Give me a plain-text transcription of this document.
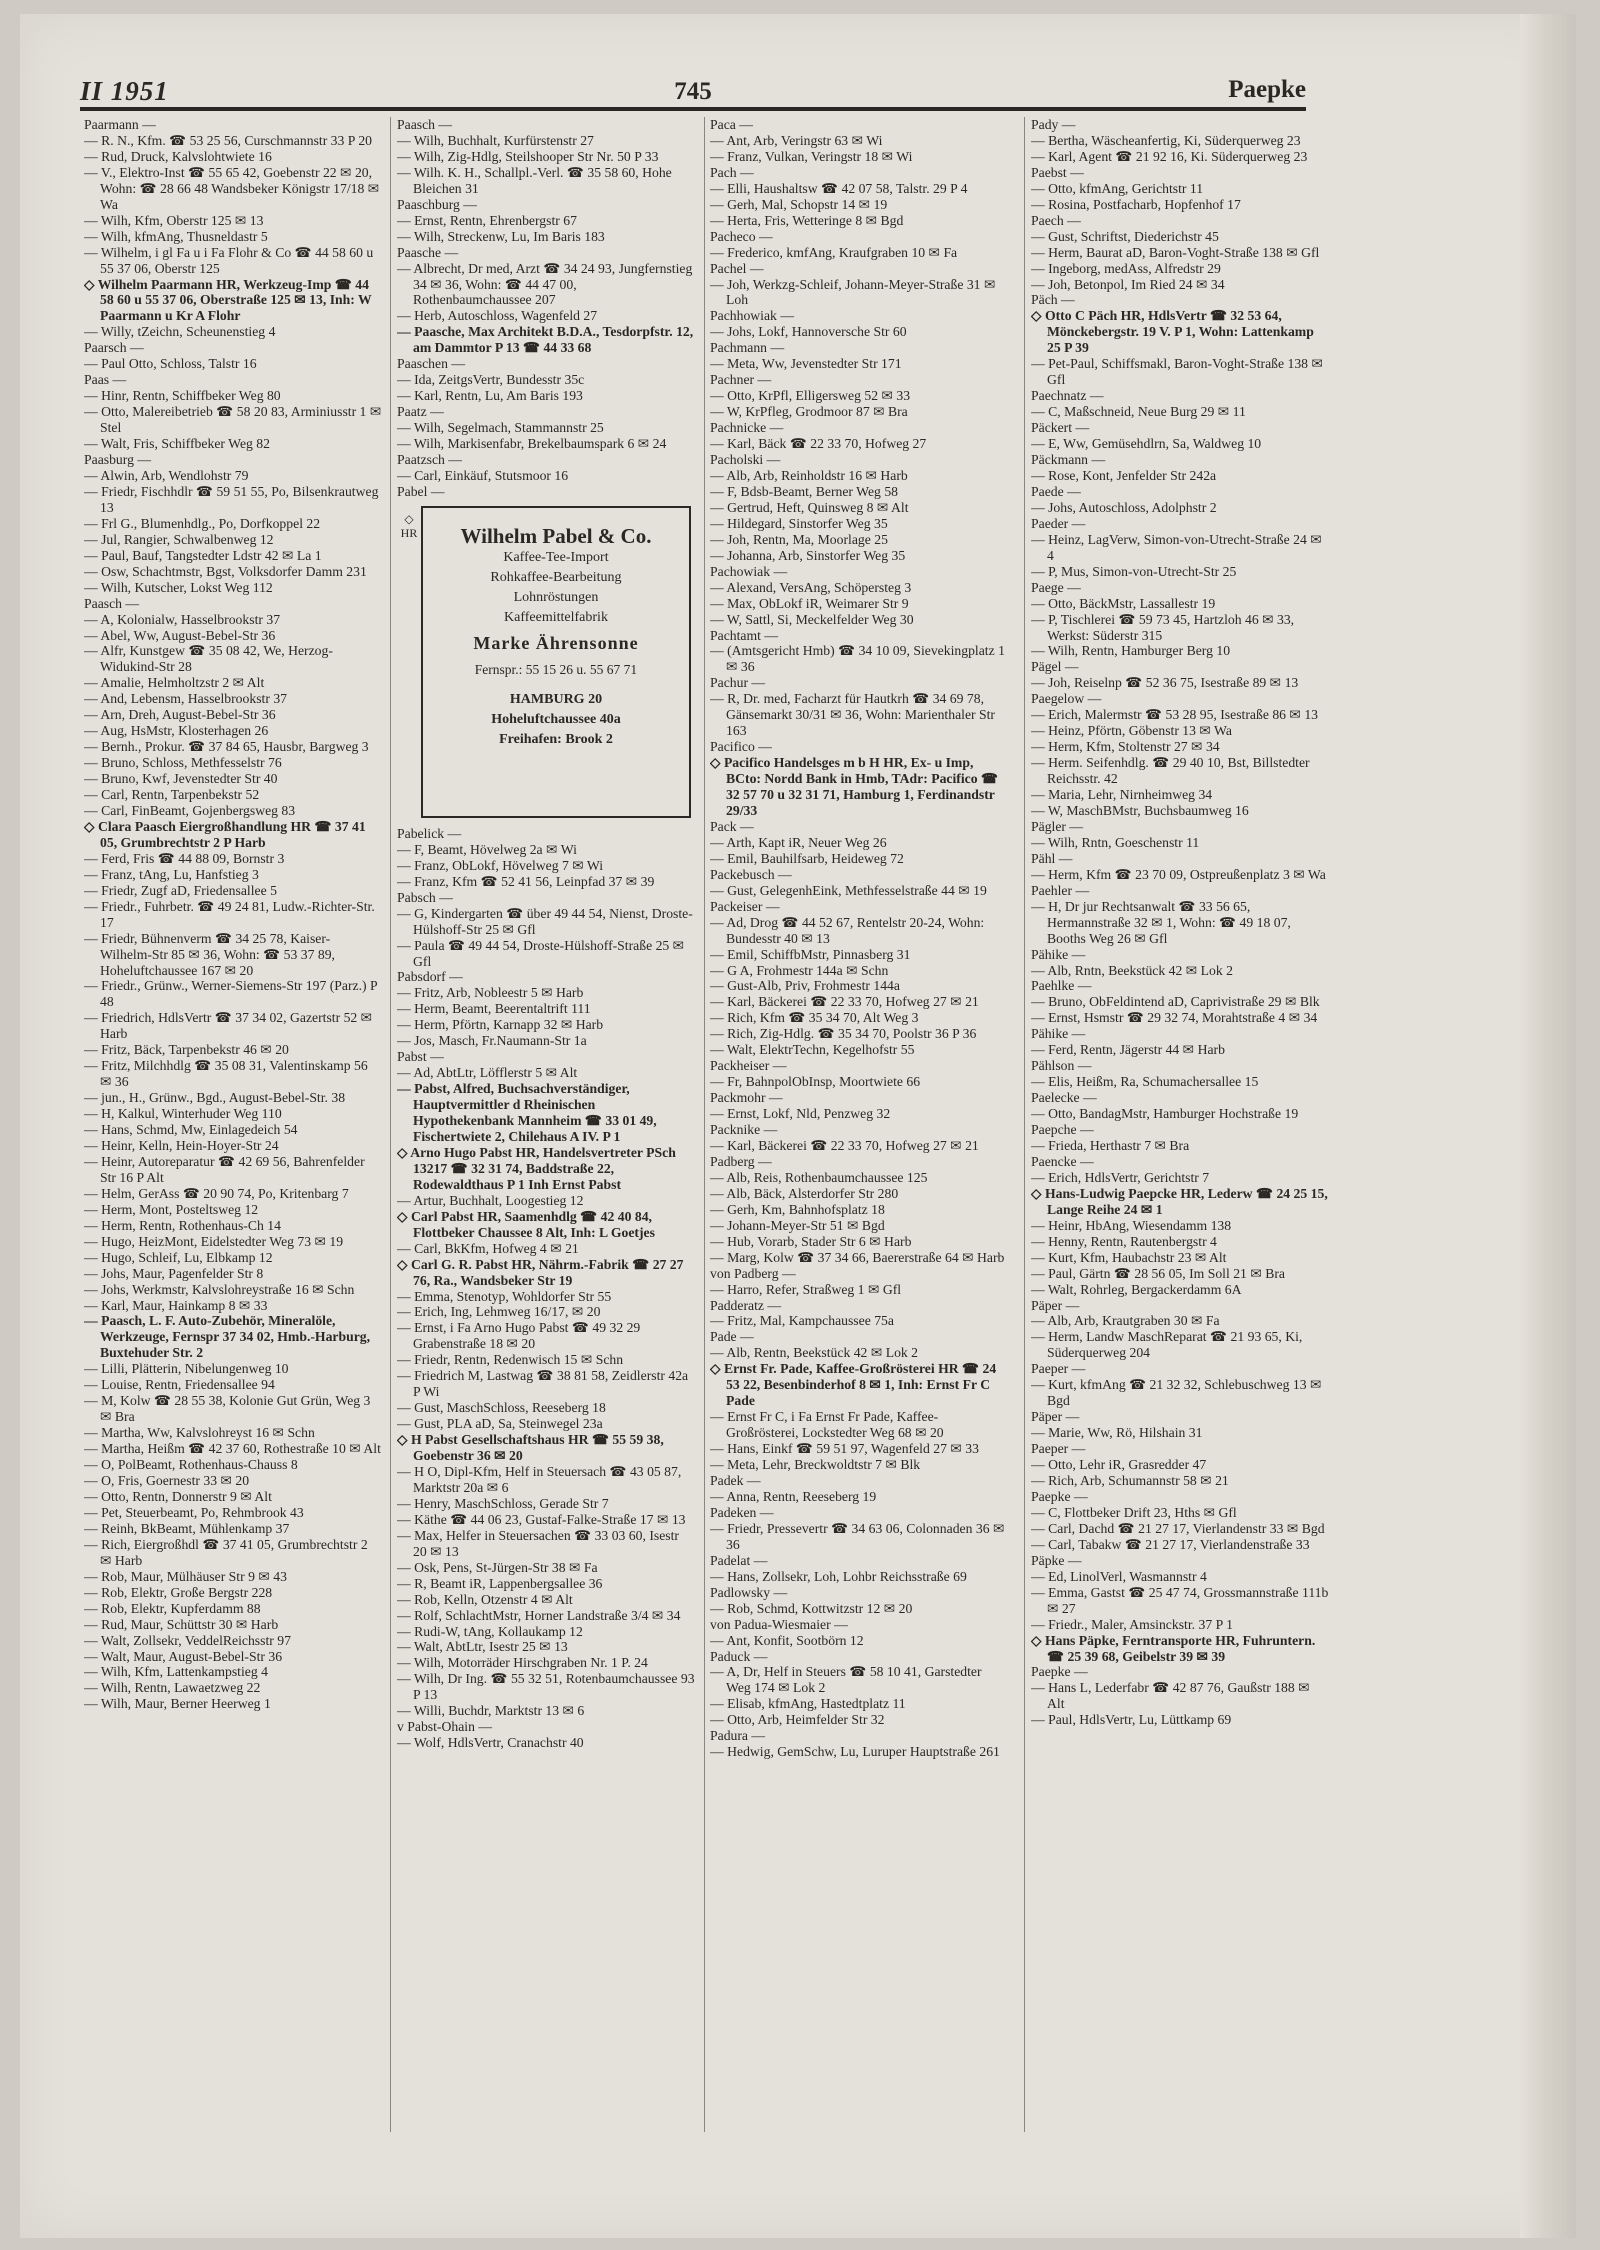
II 1951	745	Paepke

Paarmann —

— R. N., Kfm. ☎ 53 25 56, Curschmannstr 33 P 20

— Rud, Druck, Kalvslohtwiete 16

— V., Elektro-Inst ☎ 55 65 42, Goebenstr 22 ✉ 20, Wohn: ☎ 28 66 48 Wandsbeker Königstr 17/18 ✉ Wa

— Wilh, Kfm, Oberstr 125 ✉ 13

— Wilh, kfmAng, Thusneldastr 5

— Wilhelm, i gl Fa u i Fa Flohr & Co ☎ 44 58 60 u 55 37 06, Oberstr 125

◇ Wilhelm Paarmann HR, Werkzeug-Imp ☎ 44 58 60 u 55 37 06, Oberstraße 125 ✉ 13, Inh: W Paarmann u Kr A Flohr

— Willy, tZeichn, Scheunenstieg 4

Paarsch —

— Paul Otto, Schloss, Talstr 16

Paas —

— Hinr, Rentn, Schiffbeker Weg 80

— Otto, Malereibetrieb ☎ 58 20 83, Arminiusstr 1 ✉ Stel

— Walt, Fris, Schiffbeker Weg 82

Paasburg —

— Alwin, Arb, Wendlohstr 79

— Friedr, Fischhdlr ☎ 59 51 55, Po, Bilsenkrautweg 13

— Frl G., Blumenhdlg., Po, Dorfkoppel 22

— Jul, Rangier, Schwalbenweg 12

— Paul, Bauf, Tangstedter Ldstr 42 ✉ La 1

— Osw, Schachtmstr, Bgst, Volksdorfer Damm 231

— Wilh, Kutscher, Lokst Weg 112

Paasch —

— A, Kolonialw, Hasselbrookstr 37

— Abel, Ww, August-Bebel-Str 36

— Alfr, Kunstgew ☎ 35 08 42, We, Herzog-Widukind-Str 28

— Amalie, Helmholtzstr 2 ✉ Alt

— And, Lebensm, Hasselbrookstr 37

— Arn, Dreh, August-Bebel-Str 36

— Aug, HsMstr, Klosterhagen 26

— Bernh., Prokur. ☎ 37 84 65, Hausbr, Bargweg 3

— Bruno, Schloss, Methfesselstr 76

— Bruno, Kwf, Jevenstedter Str 40

— Carl, Rentn, Tarpenbekstr 52

— Carl, FinBeamt, Gojenbergsweg 83

◇ Clara Paasch Eiergroßhandlung HR ☎ 37 41 05, Grumbrechtstr 2 P Harb

— Ferd, Fris ☎ 44 88 09, Bornstr 3

— Franz, tAng, Lu, Hanfstieg 3

— Friedr, Zugf aD, Friedensallee 5

— Friedr., Fuhrbetr. ☎ 49 24 81, Ludw.-Richter-Str. 17

— Friedr, Bühnenverm ☎ 34 25 78, Kaiser-Wilhelm-Str 85 ✉ 36, Wohn: ☎ 53 37 89, Hoheluftchaussee 167 ✉ 20

— Friedr., Grünw., Werner-Siemens-Str 197 (Parz.) P 48

— Friedrich, HdlsVertr ☎ 37 34 02, Gazertstr 52 ✉ Harb

— Fritz, Bäck, Tarpenbekstr 46 ✉ 20

— Fritz, Milchhdlg ☎ 35 08 31, Valentinskamp 56 ✉ 36

— jun., H., Grünw., Bgd., August-Bebel-Str. 38

— H, Kalkul, Winterhuder Weg 110

— Hans, Schmd, Mw, Einlagedeich 54

— Heinr, Kelln, Hein-Hoyer-Str 24

— Heinr, Autoreparatur ☎ 42 69 56, Bahrenfelder Str 16 P Alt

— Helm, GerAss ☎ 20 90 74, Po, Kritenbarg 7

— Herm, Mont, Posteltsweg 12

— Herm, Rentn, Rothenhaus-Ch 14

— Hugo, HeizMont, Eidelstedter Weg 73 ✉ 19

— Hugo, Schleif, Lu, Elbkamp 12

— Johs, Maur, Pagenfelder Str 8

— Johs, Werkmstr, Kalvslohreystraße 16 ✉ Schn

— Karl, Maur, Hainkamp 8 ✉ 33

— Paasch, L. F. Auto-Zubehör, Mineralöle, Werkzeuge, Fernspr 37 34 02, Hmb.-Harburg, Buxtehuder Str. 2

— Lilli, Plätterin, Nibelungenweg 10

— Louise, Rentn, Friedensallee 94

— M, Kolw ☎ 28 55 38, Kolonie Gut Grün, Weg 3 ✉ Bra

— Martha, Ww, Kalvslohreyst 16 ✉ Schn

— Martha, Heißm ☎ 42 37 60, Rothestraße 10 ✉ Alt

— O, PolBeamt, Rothenhaus-Chauss 8

— O, Fris, Goernestr 33 ✉ 20

— Otto, Rentn, Donnerstr 9 ✉ Alt

— Pet, Steuerbeamt, Po, Rehmbrook 43

— Reinh, BkBeamt, Mühlenkamp 37

— Rich, Eiergroßhdl ☎ 37 41 05, Grumbrechtstr 2 ✉ Harb

— Rob, Maur, Mülhäuser Str 9 ✉ 43

— Rob, Elektr, Große Bergstr 228

— Rob, Elektr, Kupferdamm 88

— Rud, Maur, Schüttstr 30 ✉ Harb

— Walt, Zollsekr, VeddelReichsstr 97

— Walt, Maur, August-Bebel-Str 36

— Wilh, Kfm, Lattenkampstieg 4

— Wilh, Rentn, Lawaetzweg 22

— Wilh, Maur, Berner Heerweg 1

Paasch —

— Wilh, Buchhalt, Kurfürstenstr 27

— Wilh, Zig-Hdlg, Steilshooper Str Nr. 50 P 33

— Wilh. K. H., Schallpl.-Verl. ☎ 35 58 60, Hohe Bleichen 31

Paaschburg —

— Ernst, Rentn, Ehrenbergstr 67

— Wilh, Streckenw, Lu, Im Baris 183

Paasche —

— Albrecht, Dr med, Arzt ☎ 34 24 93, Jungfernstieg 34 ✉ 36, Wohn: ☎ 44 47 00, Rothenbaumchaussee 207

— Herb, Autoschloss, Wagenfeld 27

— Paasche, Max Architekt B.D.A., Tesdorpfstr. 12, am Dammtor P 13 ☎ 44 33 68

Paaschen —

— Ida, ZeitgsVertr, Bundesstr 35c

— Karl, Rentn, Lu, Am Baris 193

Paatz —

— Wilh, Segelmach, Stammannstr 25

— Wilh, Markisenfabr, Brekelbaumspark 6 ✉ 24

Paatzsch —

— Carl, Einkäuf, Stutsmoor 16

Pabel —

◇ HR	Wilhelm Pabel & Co.
Kaffee-Tee-Import
Rohkaffee-Bearbeitung
Lohnröstungen
Kaffeemittelfabrik
Marke Ährensonne
Fernspr.: 55 15 26 u. 55 67 71
HAMBURG 20
Hoheluftchaussee 40a
Freihafen: Brook 2

Pabelick —

— F, Beamt, Hövelweg 2a ✉ Wi

— Franz, ObLokf, Hövelweg 7 ✉ Wi

— Franz, Kfm ☎ 52 41 56, Leinpfad 37 ✉ 39

Pabsch —

— G, Kindergarten ☎ über 49 44 54, Nienst, Droste-Hülshoff-Str 25 ✉ Gfl

— Paula ☎ 49 44 54, Droste-Hülshoff-Straße 25 ✉ Gfl

Pabsdorf —

— Fritz, Arb, Nobleestr 5 ✉ Harb

— Herm, Beamt, Beerentaltrift 111

— Herm, Pförtn, Karnapp 32 ✉ Harb

— Jos, Masch, Fr.Naumann-Str 1a

Pabst —

— Ad, AbtLtr, Löfflerstr 5 ✉ Alt

— Pabst, Alfred, Buchsachverständiger, Hauptvermittler d Rheinischen Hypothekenbank Mannheim ☎ 33 01 49, Fischertwiete 2, Chilehaus A IV. P 1

◇ Arno Hugo Pabst HR, Handelsvertreter PSch 13217 ☎ 32 31 74, Baddstraße 22, Rodewaldthaus P 1 Inh Ernst Pabst

— Artur, Buchhalt, Loogestieg 12

◇ Carl Pabst HR, Saamenhdlg ☎ 42 40 84, Flottbeker Chaussee 8 Alt, Inh: L Goetjes

— Carl, BkKfm, Hofweg 4 ✉ 21

◇ Carl G. R. Pabst HR, Nährm.-Fabrik ☎ 27 27 76, Ra., Wandsbeker Str 19

— Emma, Stenotyp, Wohldorfer Str 55

— Erich, Ing, Lehmweg 16/17, ✉ 20

— Ernst, i Fa Arno Hugo Pabst ☎ 49 32 29 Grabenstraße 18 ✉ 20

— Friedr, Rentn, Redenwisch 15 ✉ Schn

— Friedrich M, Lastwag ☎ 38 81 58, Zeidlerstr 42a P Wi

— Gust, MaschSchloss, Reeseberg 18

— Gust, PLA aD, Sa, Steinwegel 23a

◇ H Pabst Gesellschaftshaus HR ☎ 55 59 38, Goebenstr 36 ✉ 20

— H O, Dipl-Kfm, Helf in Steuersach ☎ 43 05 87, Marktstr 20a ✉ 6

— Henry, MaschSchloss, Gerade Str 7

— Käthe ☎ 44 06 23, Gustaf-Falke-Straße 17 ✉ 13

— Max, Helfer in Steuersachen ☎ 33 03 60, Isestr 20 ✉ 13

— Osk, Pens, St-Jürgen-Str 38 ✉ Fa

— R, Beamt iR, Lappenbergsallee 36

— Rob, Kelln, Otzenstr 4 ✉ Alt

— Rolf, SchlachtMstr, Horner Landstraße 3/4 ✉ 34

— Rudi-W, tAng, Kollaukamp 12

— Walt, AbtLtr, Isestr 25 ✉ 13

— Wilh, Motorräder Hirschgraben Nr. 1 P. 24

— Wilh, Dr Ing. ☎ 55 32 51, Rotenbaumchaussee 93 P 13

— Willi, Buchdr, Marktstr 13 ✉ 6

v Pabst-Ohain —

— Wolf, HdlsVertr, Cranachstr 40

Paca —

— Ant, Arb, Veringstr 63 ✉ Wi

— Franz, Vulkan, Veringstr 18 ✉ Wi

Pach —

— Elli, Haushaltsw ☎ 42 07 58, Talstr. 29 P 4

— Gerh, Mal, Schopstr 14 ✉ 19

— Herta, Fris, Wetteringe 8 ✉ Bgd

Pacheco —

— Frederico, kmfAng, Kraufgraben 10 ✉ Fa

Pachel —

— Joh, Werkzg-Schleif, Johann-Meyer-Straße 31 ✉ Loh

Pachhowiak —

— Johs, Lokf, Hannoversche Str 60

Pachmann —

— Meta, Ww, Jevenstedter Str 171

Pachner —

— Otto, KrPfl, Elligersweg 52 ✉ 33

— W, KrPfleg, Grodmoor 87 ✉ Bra

Pachnicke —

— Karl, Bäck ☎ 22 33 70, Hofweg 27

Pacholski —

— Alb, Arb, Reinholdstr 16 ✉ Harb

— F, Bdsb-Beamt, Berner Weg 58

— Gertrud, Heft, Quinsweg 8 ✉ Alt

— Hildegard, Sinstorfer Weg 35

— Joh, Rentn, Ma, Moorlage 25

— Johanna, Arb, Sinstorfer Weg 35

Pachowiak —

— Alexand, VersAng, Schöpersteg 3

— Max, ObLokf iR, Weimarer Str 9

— W, Sattl, Si, Meckelfelder Weg 30

Pachtamt —

— (Amtsgericht Hmb) ☎ 34 10 09, Sievekingplatz 1 ✉ 36

Pachur —

— R, Dr. med, Facharzt für Hautkrh ☎ 34 69 78, Gänsemarkt 30/31 ✉ 36, Wohn: Marienthaler Str 163

Pacifico —

◇ Pacifico Handelsges m b H HR, Ex- u Imp, BCto: Nordd Bank in Hmb, TAdr: Pacifico ☎ 32 57 70 u 32 31 71, Hamburg 1, Ferdinandstr 29/33

Pack —

— Arth, Kapt iR, Neuer Weg 26

— Emil, Bauhilfsarb, Heideweg 72

Packebusch —

— Gust, GelegenhEink, Methfesselstraße 44 ✉ 19

Packeiser —

— Ad, Drog ☎ 44 52 67, Rentelstr 20-24, Wohn: Bundesstr 40 ✉ 13

— Emil, SchiffbMstr, Pinnasberg 31

— G A, Frohmestr 144a ✉ Schn

— Gust-Alb, Priv, Frohmestr 144a

— Karl, Bäckerei ☎ 22 33 70, Hofweg 27 ✉ 21

— Rich, Kfm ☎ 35 34 70, Alt Weg 3

— Rich, Zig-Hdlg. ☎ 35 34 70, Poolstr 36 P 36

— Walt, ElektrTechn, Kegelhofstr 55

Packheiser —

— Fr, BahnpolObInsp, Moortwiete 66

Packmohr —

— Ernst, Lokf, Nld, Penzweg 32

Packnike —

— Karl, Bäckerei ☎ 22 33 70, Hofweg 27 ✉ 21

Padberg —

— Alb, Reis, Rothenbaumchaussee 125

— Alb, Bäck, Alsterdorfer Str 280

— Gerh, Km, Bahnhofsplatz 18

— Johann-Meyer-Str 51 ✉ Bgd

— Hub, Vorarb, Stader Str 6 ✉ Harb

— Marg, Kolw ☎ 37 34 66, Baererstraße 64 ✉ Harb

von Padberg —

— Harro, Refer, Straßweg 1 ✉ Gfl

Padderatz —

— Fritz, Mal, Kampchaussee 75a

Pade —

— Alb, Rentn, Beekstück 42 ✉ Lok 2

◇ Ernst Fr. Pade, Kaffee-Großrösterei HR ☎ 24 53 22, Besenbinderhof 8 ✉ 1, Inh: Ernst Fr C Pade

— Ernst Fr C, i Fa Ernst Fr Pade, Kaffee-Großrösterei, Lockstedter Weg 68 ✉ 20

— Hans, Einkf ☎ 59 51 97, Wagenfeld 27 ✉ 33

— Meta, Lehr, Breckwoldtstr 7 ✉ Blk

Padek —

— Anna, Rentn, Reeseberg 19

Padeken —

— Friedr, Pressevertr ☎ 34 63 06, Colonnaden 36 ✉ 36

Padelat —

— Hans, Zollsekr, Loh, Lohbr Reichsstraße 69

Padlowsky —

— Rob, Schmd, Kottwitzstr 12 ✉ 20

von Padua-Wiesmaier —

— Ant, Konfit, Sootbörn 12

Paduck —

— A, Dr, Helf in Steuers ☎ 58 10 41, Garstedter Weg 174 ✉ Lok 2

— Elisab, kfmAng, Hastedtplatz 11

— Otto, Arb, Heimfelder Str 32

Padura —

— Hedwig, GemSchw, Lu, Luruper Hauptstraße 261

Pady —

— Bertha, Wäscheanfertig, Ki, Süderquerweg 23

— Karl, Agent ☎ 21 92 16, Ki. Süderquerweg 23

Paebst —

— Otto, kfmAng, Gerichtstr 11

— Rosina, Postfacharb, Hopfenhof 17

Paech —

— Gust, Schriftst, Diederichstr 45

— Herm, Baurat aD, Baron-Voght-Straße 138 ✉ Gfl

— Ingeborg, medAss, Alfredstr 29

— Joh, Betonpol, Im Ried 24 ✉ 34

Päch —

◇ Otto C Päch HR, HdlsVertr ☎ 32 53 64, Mönckebergstr. 19 V. P 1, Wohn: Lattenkamp 25 P 39

— Pet-Paul, Schiffsmakl, Baron-Voght-Straße 138 ✉ Gfl

Paechnatz —

— C, Maßschneid, Neue Burg 29 ✉ 11

Päckert —

— E, Ww, Gemüsehdlrn, Sa, Waldweg 10

Päckmann —

— Rose, Kont, Jenfelder Str 242a

Paede —

— Johs, Autoschloss, Adolphstr 2

Paeder —

— Heinz, LagVerw, Simon-von-Utrecht-Straße 24 ✉ 4

— P, Mus, Simon-von-Utrecht-Str 25

Paege —

— Otto, BäckMstr, Lassallestr 19

— P, Tischlerei ☎ 59 73 45, Hartzloh 46 ✉ 33, Werkst: Süderstr 315

— Wilh, Rentn, Hamburger Berg 10

Pägel —

— Joh, Reiselnp ☎ 52 36 75, Isestraße 89 ✉ 13

Paegelow —

— Erich, Malermstr ☎ 53 28 95, Isestraße 86 ✉ 13

— Heinz, Pförtn, Göbenstr 13 ✉ Wa

— Herm, Kfm, Stoltenstr 27 ✉ 34

— Herm. Seifenhdlg. ☎ 29 40 10, Bst, Billstedter Reichsstr. 42

— Maria, Lehr, Nirnheimweg 34

— W, MaschBMstr, Buchsbaumweg 16

Pägler —

— Wilh, Rntn, Goeschenstr 11

Pähl —

— Herm, Kfm ☎ 23 70 09, Ostpreußenplatz 3 ✉ Wa

Paehler —

— H, Dr jur Rechtsanwalt ☎ 33 56 65, Hermannstraße 32 ✉ 1, Wohn: ☎ 49 18 07, Booths Weg 26 ✉ Gfl

Pähike —

— Alb, Rntn, Beekstück 42 ✉ Lok 2

Paehlke —

— Bruno, ObFeldintend aD, Caprivistraße 29 ✉ Blk

— Ernst, Hsmstr ☎ 29 32 74, Morahtstraße 4 ✉ 34

Pähike —

— Ferd, Rentn, Jägerstr 44 ✉ Harb

Pählson —

— Elis, Heißm, Ra, Schumachersallee 15

Paelecke —

— Otto, BandagMstr, Hamburger Hochstraße 19

Paepche —

— Frieda, Herthastr 7 ✉ Bra

Paencke —

— Erich, HdlsVertr, Gerichtstr 7

◇ Hans-Ludwig Paepcke HR, Lederw ☎ 24 25 15, Lange Reihe 24 ✉ 1

— Heinr, HbAng, Wiesendamm 138

— Henny, Rentn, Rautenbergstr 4

— Kurt, Kfm, Haubachstr 23 ✉ Alt

— Paul, Gärtn ☎ 28 56 05, Im Soll 21 ✉ Bra

— Walt, Rohrleg, Bergackerdamm 6A

Päper —

— Alb, Arb, Krautgraben 30 ✉ Fa

— Herm, Landw MaschReparat ☎ 21 93 65, Ki, Süderquerweg 204

Paeper —

— Kurt, kfmAng ☎ 21 32 32, Schlebuschweg 13 ✉ Bgd

Päper —

— Marie, Ww, Rö, Hilshain 31

Paeper —

— Otto, Lehr iR, Grasredder 47

— Rich, Arb, Schumannstr 58 ✉ 21

Paepke —

— C, Flottbeker Drift 23, Hths ✉ Gfl

— Carl, Dachd ☎ 21 27 17, Vierlandenstr 33 ✉ Bgd

— Carl, Tabakw ☎ 21 27 17, Vierlandenstraße 33

Päpke —

— Ed, LinolVerl, Wasmannstr 4

— Emma, Gastst ☎ 25 47 74, Grossmannstraße 111b ✉ 27

— Friedr., Maler, Amsinckstr. 37 P 1

◇ Hans Päpke, Ferntransporte HR, Fuhruntern. ☎ 25 39 68, Geibelstr 39 ✉ 39

Paepke —

— Hans L, Lederfabr ☎ 42 87 76, Gaußstr 188 ✉ Alt

— Paul, HdlsVertr, Lu, Lüttkamp 69
